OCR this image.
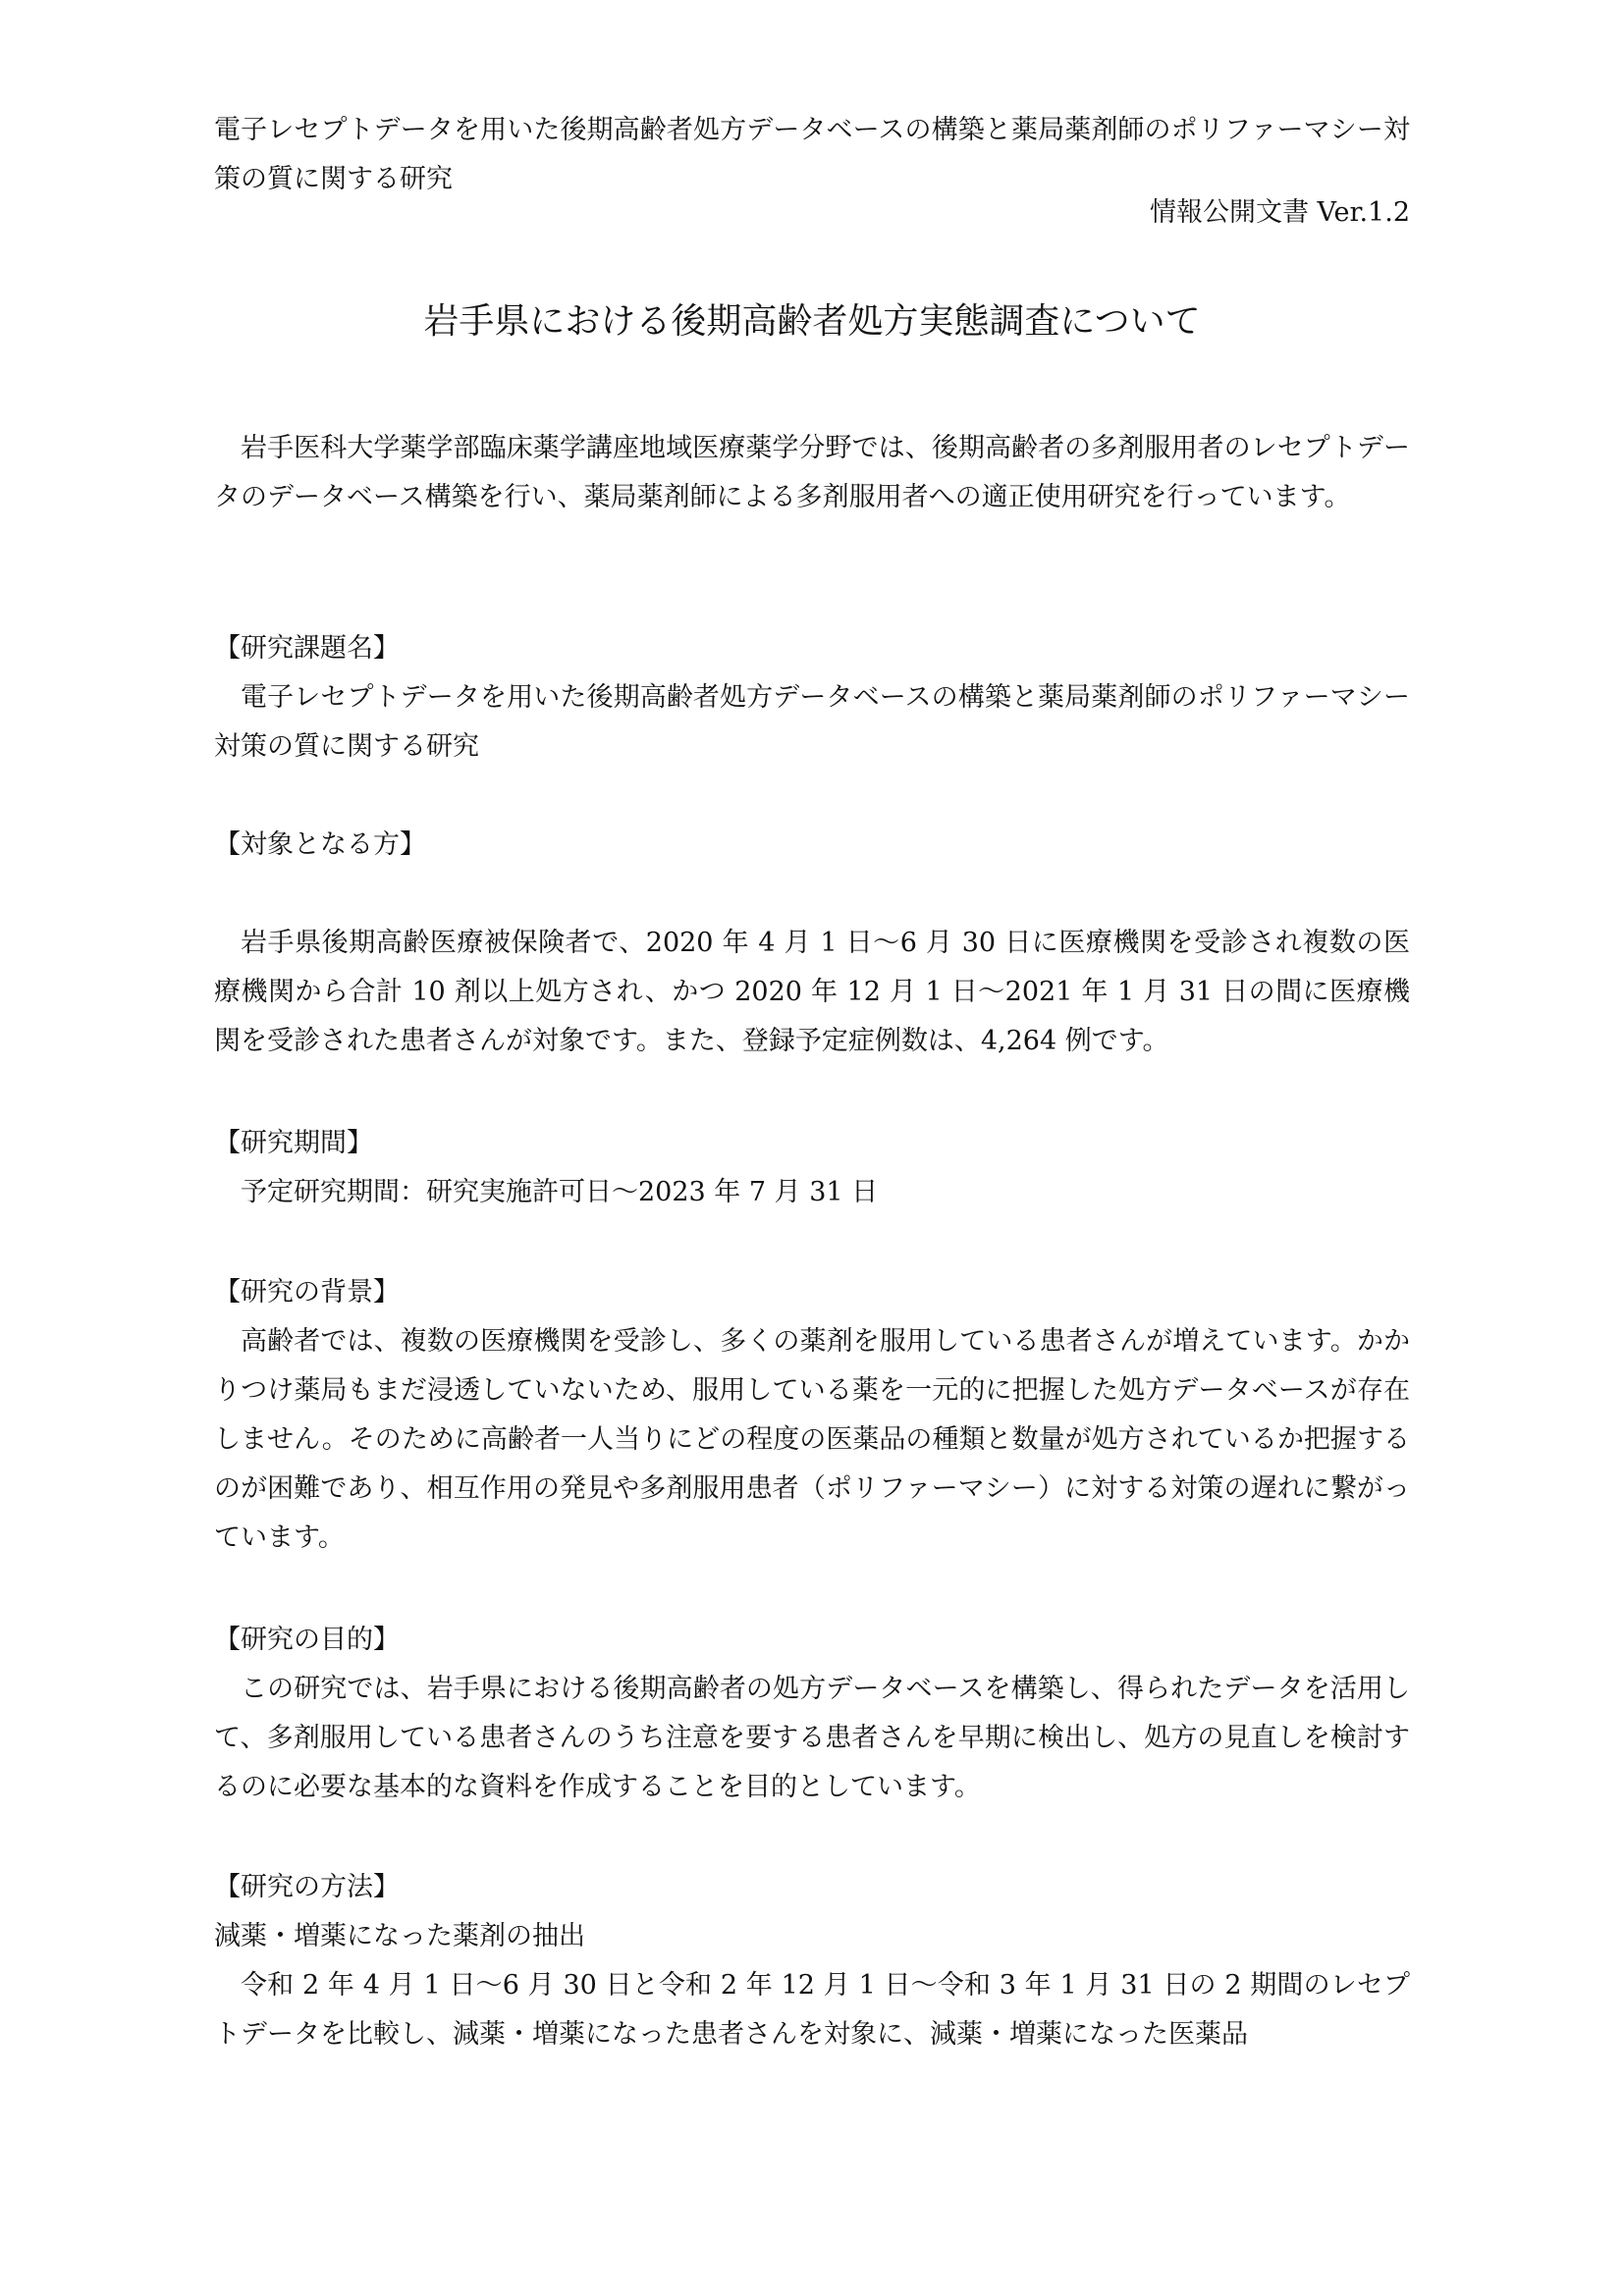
電子レセプトデータを用いた後期高齢者処方データベースの構築と薬局薬剤師のポリファーマシー対策の質に関する研究

情報公開文書 Ver.1.2

岩手県における後期高齢者処方実態調査について

岩手医科大学薬学部臨床薬学講座地域医療薬学分野では、後期高齢者の多剤服用者のレセプトデータのデータベース構築を行い、薬局薬剤師による多剤服用者への適正使用研究を行っています。

【研究課題名】

電子レセプトデータを用いた後期高齢者処方データベースの構築と薬局薬剤師のポリファーマシー対策の質に関する研究

【対象となる方】

岩手県後期高齢医療被保険者で、2020 年 4 月 1 日～6 月 30 日に医療機関を受診され複数の医療機関から合計 10 剤以上処方され、かつ 2020 年 12 月 1 日～2021 年 1 月 31 日の間に医療機関を受診された患者さんが対象です。また、登録予定症例数は、4,264 例です。

【研究期間】

予定研究期間：研究実施許可日～2023 年 7 月 31 日

【研究の背景】

高齢者では、複数の医療機関を受診し、多くの薬剤を服用している患者さんが増えています。かかりつけ薬局もまだ浸透していないため、服用している薬を一元的に把握した処方データベースが存在しません。そのために高齢者一人当りにどの程度の医薬品の種類と数量が処方されているか把握するのが困難であり、相互作用の発見や多剤服用患者（ポリファーマシー）に対する対策の遅れに繋がっています。

【研究の目的】

この研究では、岩手県における後期高齢者の処方データベースを構築し、得られたデータを活用して、多剤服用している患者さんのうち注意を要する患者さんを早期に検出し、処方の見直しを検討するのに必要な基本的な資料を作成することを目的としています。

【研究の方法】

減薬・増薬になった薬剤の抽出

令和 2 年 4 月 1 日～6 月 30 日と令和 2 年 12 月 1 日～令和 3 年 1 月 31 日の 2 期間のレセプトデータを比較し、減薬・増薬になった患者さんを対象に、減薬・増薬になった医薬品
